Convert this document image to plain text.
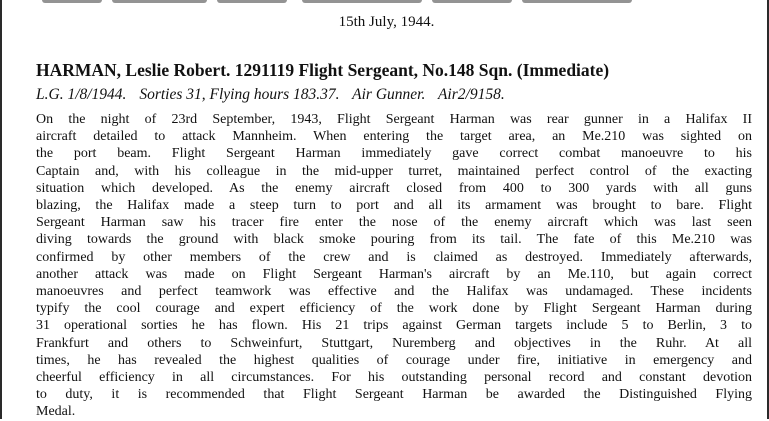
15th July, 1944.
HARMAN, Leslie Robert. 1291119 Flight Sergeant, No.148 Sqn. (Immediate)
L.G. 1/8/1944. Sorties 31, Flying hours 183.37. Air Gunner. Air2/9158.
On the night of 23rd September, 1943, Flight Sergeant Harman was rear gunner in a Halifax II
aircraft detailed to attack Mannheim. When entering the target area, an Me.210 was sighted on
the port beam. Flight Sergeant Harman immediately gave correct combat manoeuvre to his
Captain and, with his colleague in the mid-upper turret, maintained perfect control of the exacting
situation which developed. As the enemy aircraft closed from 400 to 300 yards with all guns
blazing, the Halifax made a steep turn to port and all its armament was brought to bare. Flight
Sergeant Harman saw his tracer fire enter the nose of the enemy aircraft which was last seen
diving towards the ground with black smoke pouring from its tail. The fate of this Me.210 was
confirmed by other members of the crew and is claimed as destroyed. Immediately afterwards,
another attack was made on Flight Sergeant Harman's aircraft by an Me.110, but again correct
manoeuvres and perfect teamwork was effective and the Halifax was undamaged. These incidents
typify the cool courage and expert efficiency of the work done by Flight Sergeant Harman during
31 operational sorties he has flown. His 21 trips against German targets include 5 to Berlin, 3 to
Frankfurt and others to Schweinfurt, Stuttgart, Nuremberg and objectives in the Ruhr. At all
times, he has revealed the highest qualities of courage under fire, initiative in emergency and
cheerful efficiency in all circumstances. For his outstanding personal record and constant devotion
to duty, it is recommended that Flight Sergeant Harman be awarded the Distinguished Flying
Medal.
